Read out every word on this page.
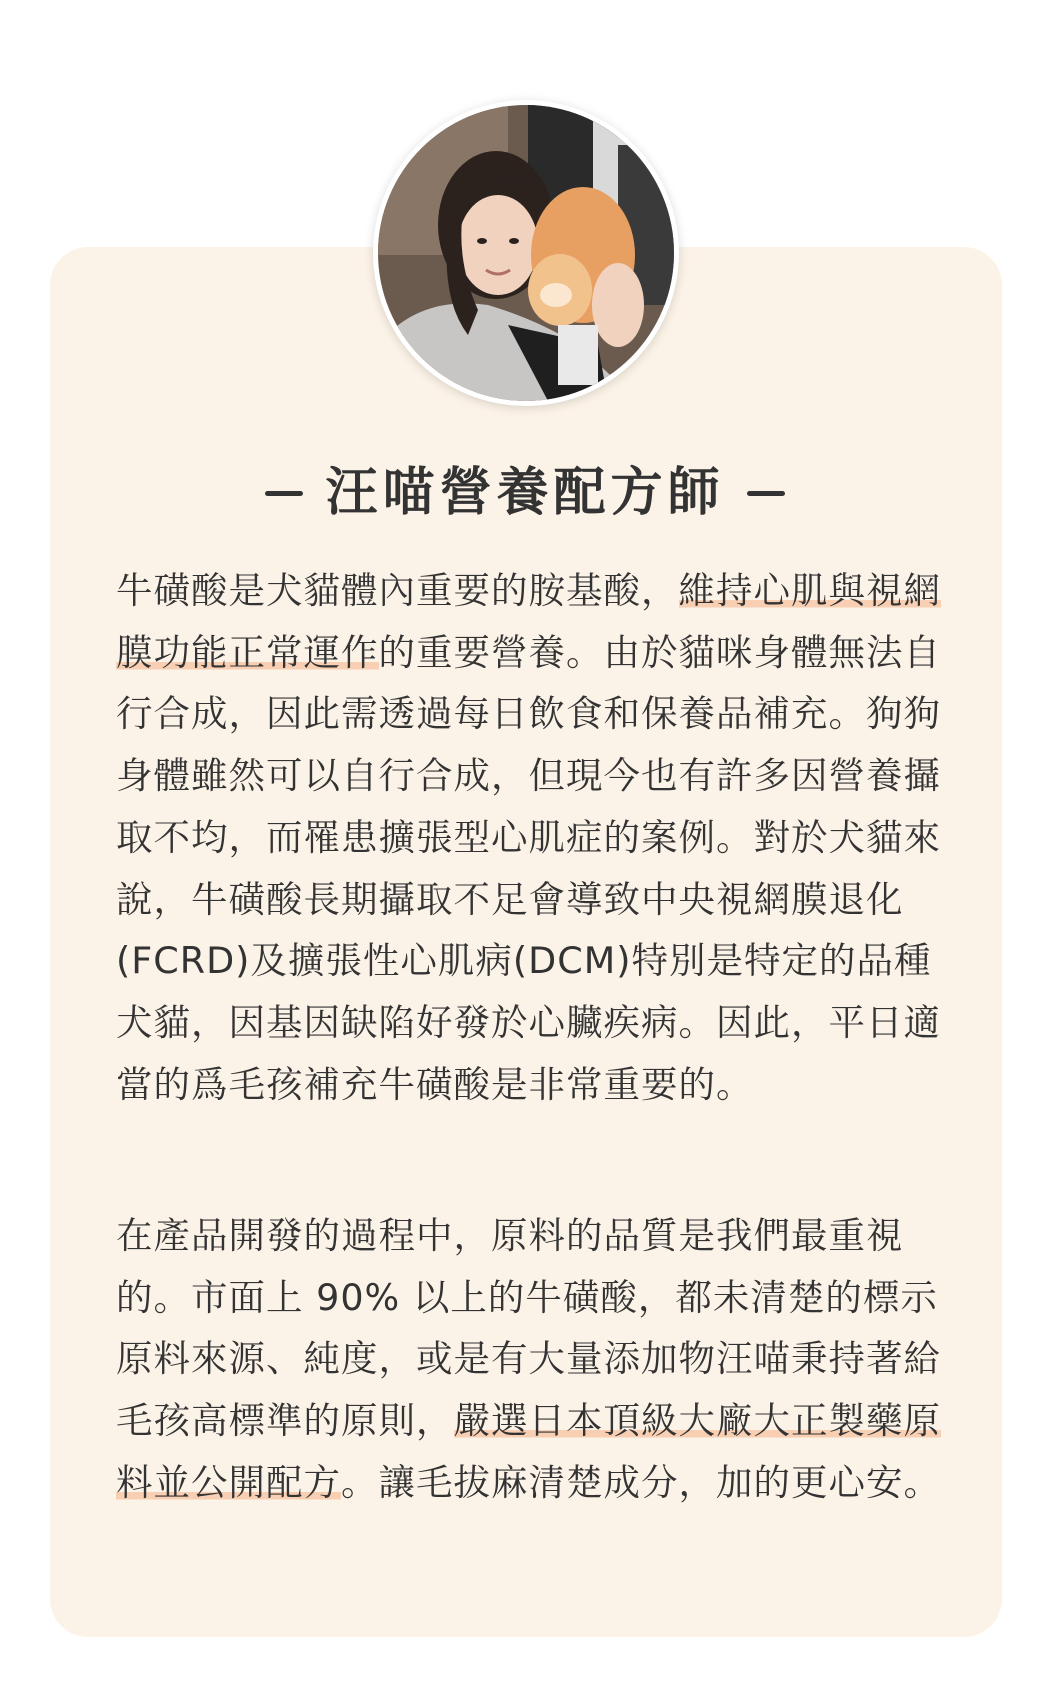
汪喵營養配方師

牛磺酸是犬貓體內重要的胺基酸，維持心肌與視網膜功能正常運作的重要營養。由於貓咪身體無法自行合成，因此需透過每日飲食和保養品補充。狗狗身體雖然可以自行合成，但現今也有許多因營養攝取不均，而罹患擴張型心肌症的案例。對於犬貓來說，牛磺酸長期攝取不足會導致中央視網膜退化(FCRD)及擴張性心肌病(DCM)特別是特定的品種犬貓，因基因缺陷好發於心臟疾病。因此，平日適當的爲毛孩補充牛磺酸是非常重要的。

在產品開發的過程中，原料的品質是我們最重視的。市面上 90% 以上的牛磺酸，都未清楚的標示原料來源、純度，或是有大量添加物汪喵秉持著給毛孩高標準的原則，嚴選日本頂級大廠大正製藥原料並公開配方。讓毛拔麻清楚成分，加的更心安。
